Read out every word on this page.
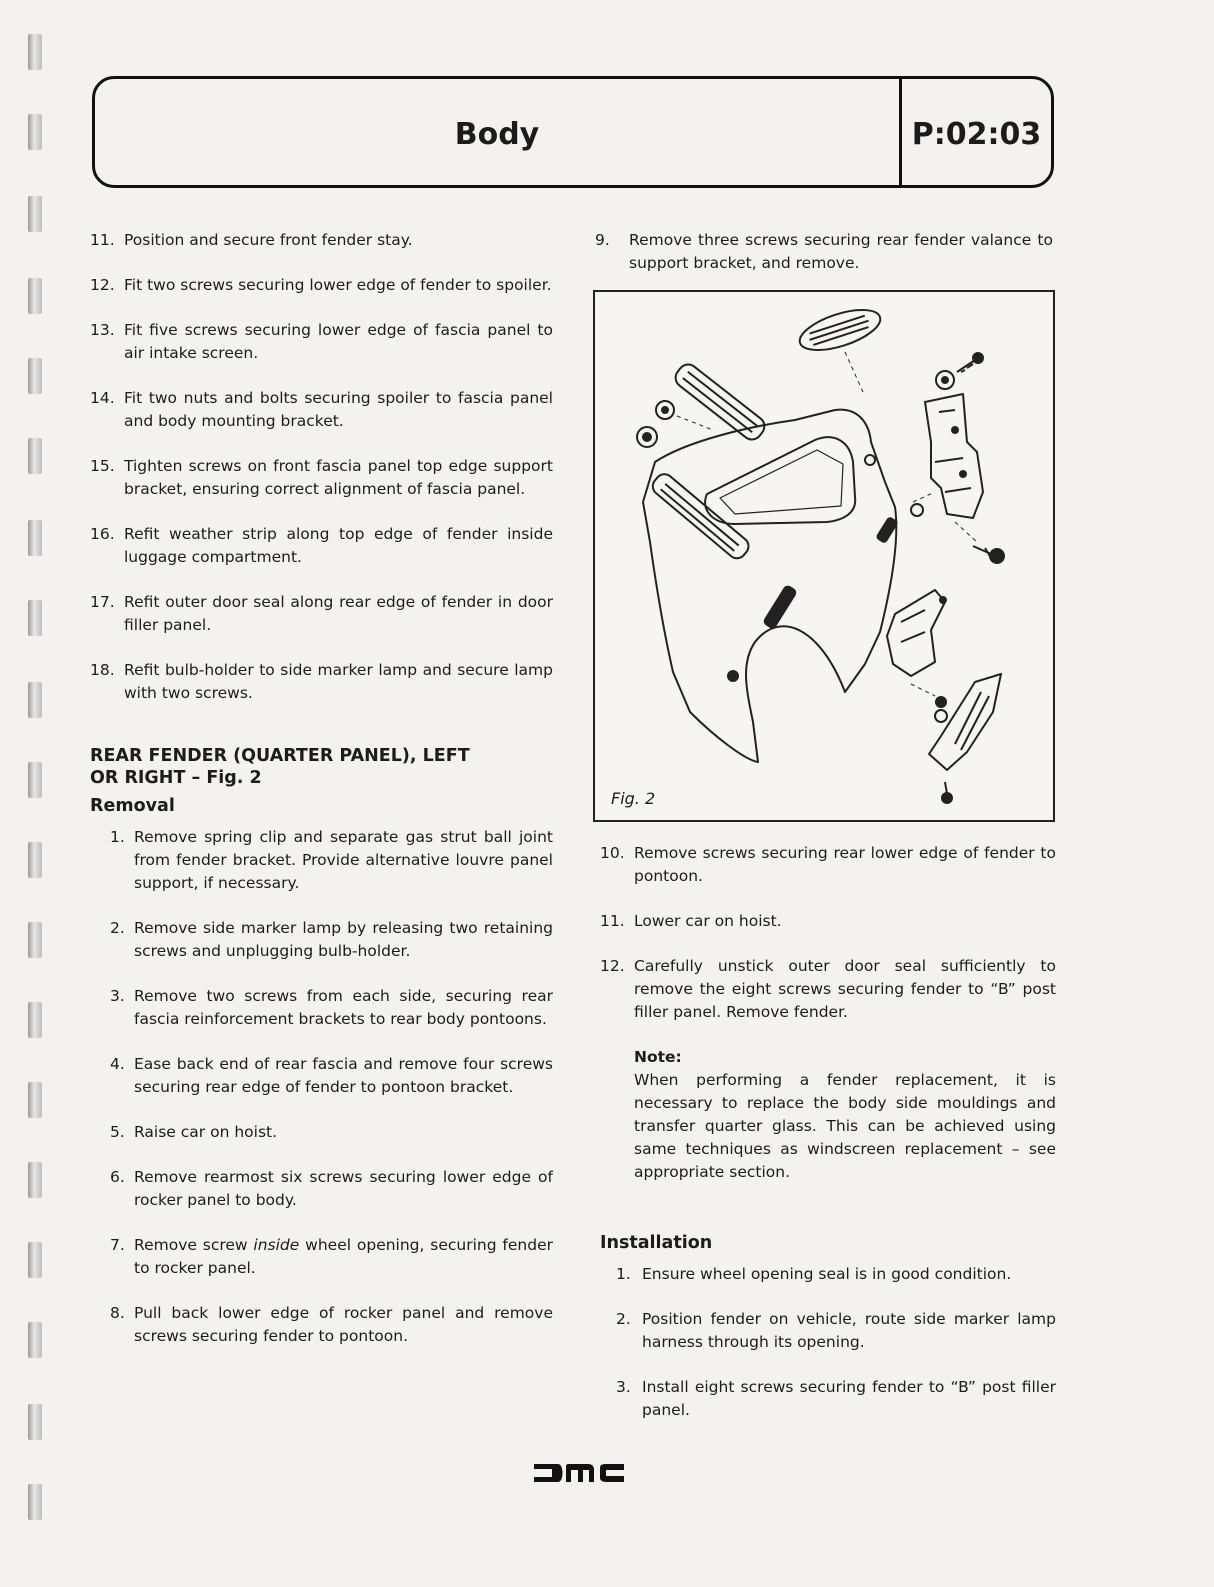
Body	P:02:03
11. Position and secure front fender stay.
12. Fit two screws securing lower edge of fender to spoiler.
13. Fit five screws securing lower edge of fascia panel to air intake screen.
14. Fit two nuts and bolts securing spoiler to fascia panel and body mounting bracket.
15. Tighten screws on front fascia panel top edge support bracket, ensuring correct alignment of fascia panel.
16. Refit weather strip along top edge of fender inside luggage compartment.
17. Refit outer door seal along rear edge of fender in door filler panel.
18. Refit bulb-holder to side marker lamp and secure lamp with two screws.
REAR FENDER (QUARTER PANEL), LEFT
OR RIGHT – Fig. 2
Removal
1. Remove spring clip and separate gas strut ball joint from fender bracket. Provide alternative louvre panel support, if necessary.
2. Remove side marker lamp by releasing two retaining screws and unplugging bulb-holder.
3. Remove two screws from each side, securing rear fascia reinforcement brackets to rear body pontoons.
4. Ease back end of rear fascia and remove four screws securing rear edge of fender to pontoon bracket.
5. Raise car on hoist.
6. Remove rearmost six screws securing lower edge of rocker panel to body.
7. Remove screw inside wheel opening, securing fender to rocker panel.
8. Pull back lower edge of rocker panel and remove screws securing fender to pontoon.
9. Remove three screws securing rear fender valance to support bracket, and remove.
Fig. 2
10. Remove screws securing rear lower edge of fender to pontoon.
11. Lower car on hoist.
12. Carefully unstick outer door seal sufficiently to remove the eight screws securing fender to “B” post filler panel. Remove fender.
Note:
When performing a fender replacement, it is necessary to replace the body side mouldings and transfer quarter glass. This can be achieved using same techniques as windscreen replacement – see appropriate section.
Installation
1. Ensure wheel opening seal is in good condition.
2. Position fender on vehicle, route side marker lamp harness through its opening.
3. Install eight screws securing fender to “B” post filler panel.
